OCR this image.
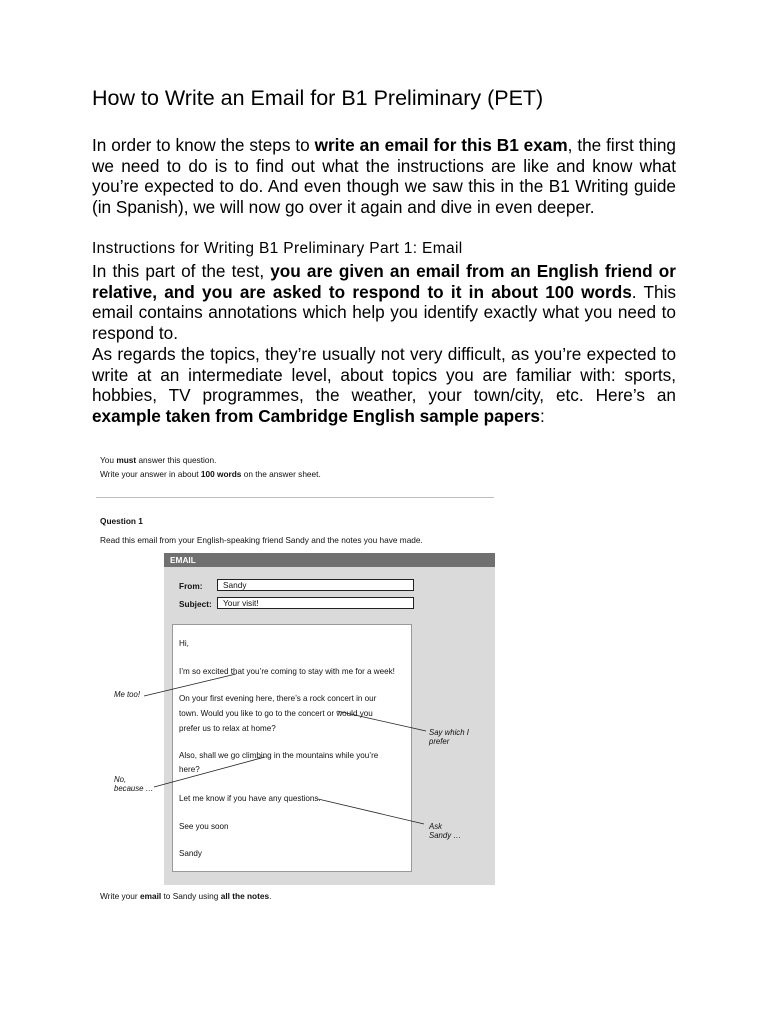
How to Write an Email for B1 Preliminary (PET)

In order to know the steps to write an email for this B1 exam, the first thing we need to do is to find out what the instructions are like and know what you’re expected to do. And even though we saw this in the B1 Writing guide (in Spanish), we will now go over it again and dive in even deeper.

Instructions for Writing B1 Preliminary Part 1: Email

In this part of the test, you are given an email from an English friend or relative, and you are asked to respond to it in about 100 words. This email contains annotations which help you identify exactly what you need to respond to.

As regards the topics, they’re usually not very difficult, as you’re expected to write at an intermediate level, about topics you are familiar with: sports, hobbies, TV programmes, the weather, your town/city, etc. Here’s an example taken from Cambridge English sample papers:

You must answer this question.
Write your answer in about 100 words on the answer sheet.
Question 1
Read this email from your English-speaking friend Sandy and the notes you have made.
EMAIL
From:	Sandy
Subject:	Your visit!
Hi,
I’m so excited that you’re coming to stay with me for a week!
On your first evening here, there’s a rock concert in our
town. Would you like to go to the concert or would you
prefer us to relax at home?
Also, shall we go climbing in the mountains while you’re
here?
Let me know if you have any questions.
See you soon
Sandy
Me too!
Say which I
prefer
No,
because …
Ask
Sandy …
Write your email to Sandy using all the notes.
